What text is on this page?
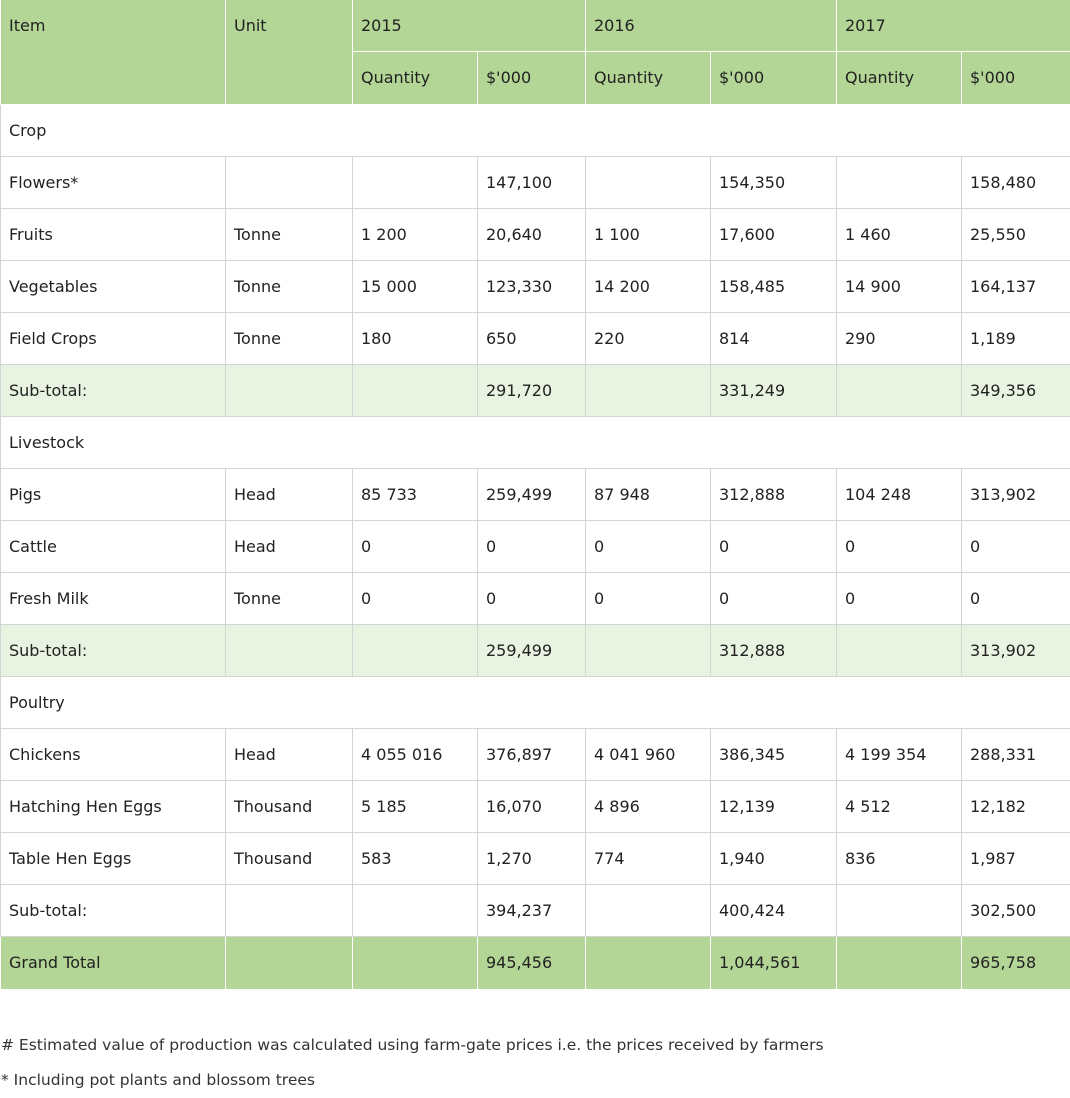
Item	Unit	2015		2016		2017	
		Quantity	$'000	Quantity	$'000	Quantity	$'000
Crop							
Flowers*			147,100		154,350		158,480
Fruits	Tonne	1 200	20,640	1 100	17,600	1 460	25,550
Vegetables	Tonne	15 000	123,330	14 200	158,485	14 900	164,137
Field Crops	Tonne	180	650	220	814	290	1,189
Sub-total:			291,720		331,249		349,356
Livestock							
Pigs	Head	85 733	259,499	87 948	312,888	104 248	313,902
Cattle	Head	0	0	0	0	0	0
Fresh Milk	Tonne	0	0	0	0	0	0
Sub-total:			259,499		312,888		313,902
Poultry							
Chickens	Head	4 055 016	376,897	4 041 960	386,345	4 199 354	288,331
Hatching Hen Eggs	Thousand	5 185	16,070	4 896	12,139	4 512	12,182
Table Hen Eggs	Thousand	583	1,270	774	1,940	836	1,987
Sub-total:			394,237		400,424		302,500
Grand Total			945,456		1,044,561		965,758
# Estimated value of production was calculated using farm-gate prices i.e. the prices received by farmers
* Including pot plants and blossom trees
